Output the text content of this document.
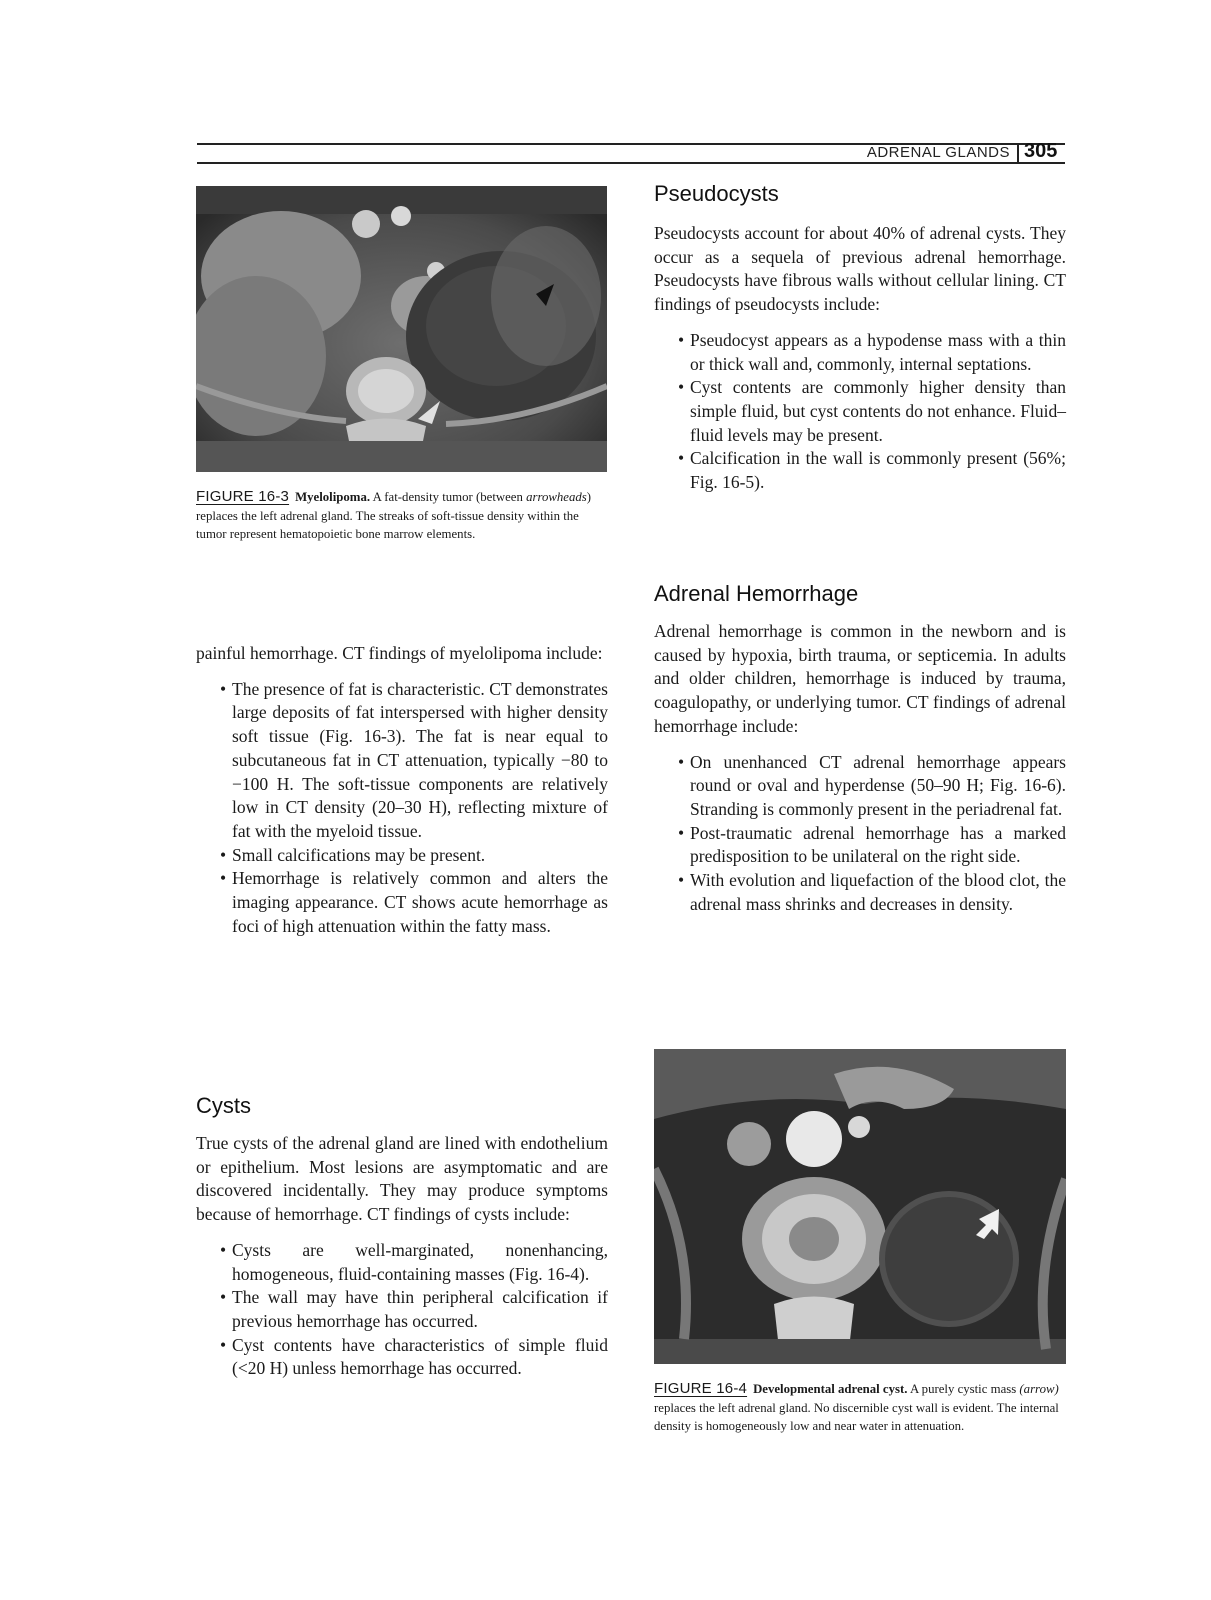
ADRENAL GLANDS 305

FIGURE 16-3 Myelolipoma. A fat-density tumor (between arrowheads) replaces the left adrenal gland. The streaks of soft-tissue density within the tumor represent hematopoietic bone marrow elements.

painful hemorrhage. CT findings of myelolipoma include:

• The presence of fat is characteristic. CT demonstrates large deposits of fat interspersed with higher density soft tissue (Fig. 16-3). The fat is near equal to subcutaneous fat in CT attenuation, typically −80 to −100 H. The soft-tissue components are relatively low in CT density (20–30 H), reflecting mixture of fat with the myeloid tissue.
• Small calcifications may be present.
• Hemorrhage is relatively common and alters the imaging appearance. CT shows acute hemorrhage as foci of high attenuation within the fatty mass.
Cysts

True cysts of the adrenal gland are lined with endothelium or epithelium. Most lesions are asymptomatic and are discovered incidentally. They may produce symptoms because of hemorrhage. CT findings of cysts include:

• Cysts are well-marginated, nonenhancing, homogeneous, fluid-containing masses (Fig. 16-4).
• The wall may have thin peripheral calcification if previous hemorrhage has occurred.
• Cyst contents have characteristics of simple fluid (<20 H) unless hemorrhage has occurred.
Pseudocysts

Pseudocysts account for about 40% of adrenal cysts. They occur as a sequela of previous adrenal hemorrhage. Pseudocysts have fibrous walls without cellular lining. CT findings of pseudocysts include:

• Pseudocyst appears as a hypodense mass with a thin or thick wall and, commonly, internal septations.
• Cyst contents are commonly higher density than simple fluid, but cyst contents do not enhance. Fluid–fluid levels may be present.
• Calcification in the wall is commonly present (56%; Fig. 16-5).
Adrenal Hemorrhage

Adrenal hemorrhage is common in the newborn and is caused by hypoxia, birth trauma, or septicemia. In adults and older children, hemorrhage is induced by trauma, coagulopathy, or underlying tumor. CT findings of adrenal hemorrhage include:

• On unenhanced CT adrenal hemorrhage appears round or oval and hyperdense (50–90 H; Fig. 16-6). Stranding is commonly present in the periadrenal fat.
• Post-traumatic adrenal hemorrhage has a marked predisposition to be unilateral on the right side.
• With evolution and liquefaction of the blood clot, the adrenal mass shrinks and decreases in density.

FIGURE 16-4 Developmental adrenal cyst. A purely cystic mass (arrow) replaces the left adrenal gland. No discernible cyst wall is evident. The internal density is homogeneously low and near water in attenuation.
